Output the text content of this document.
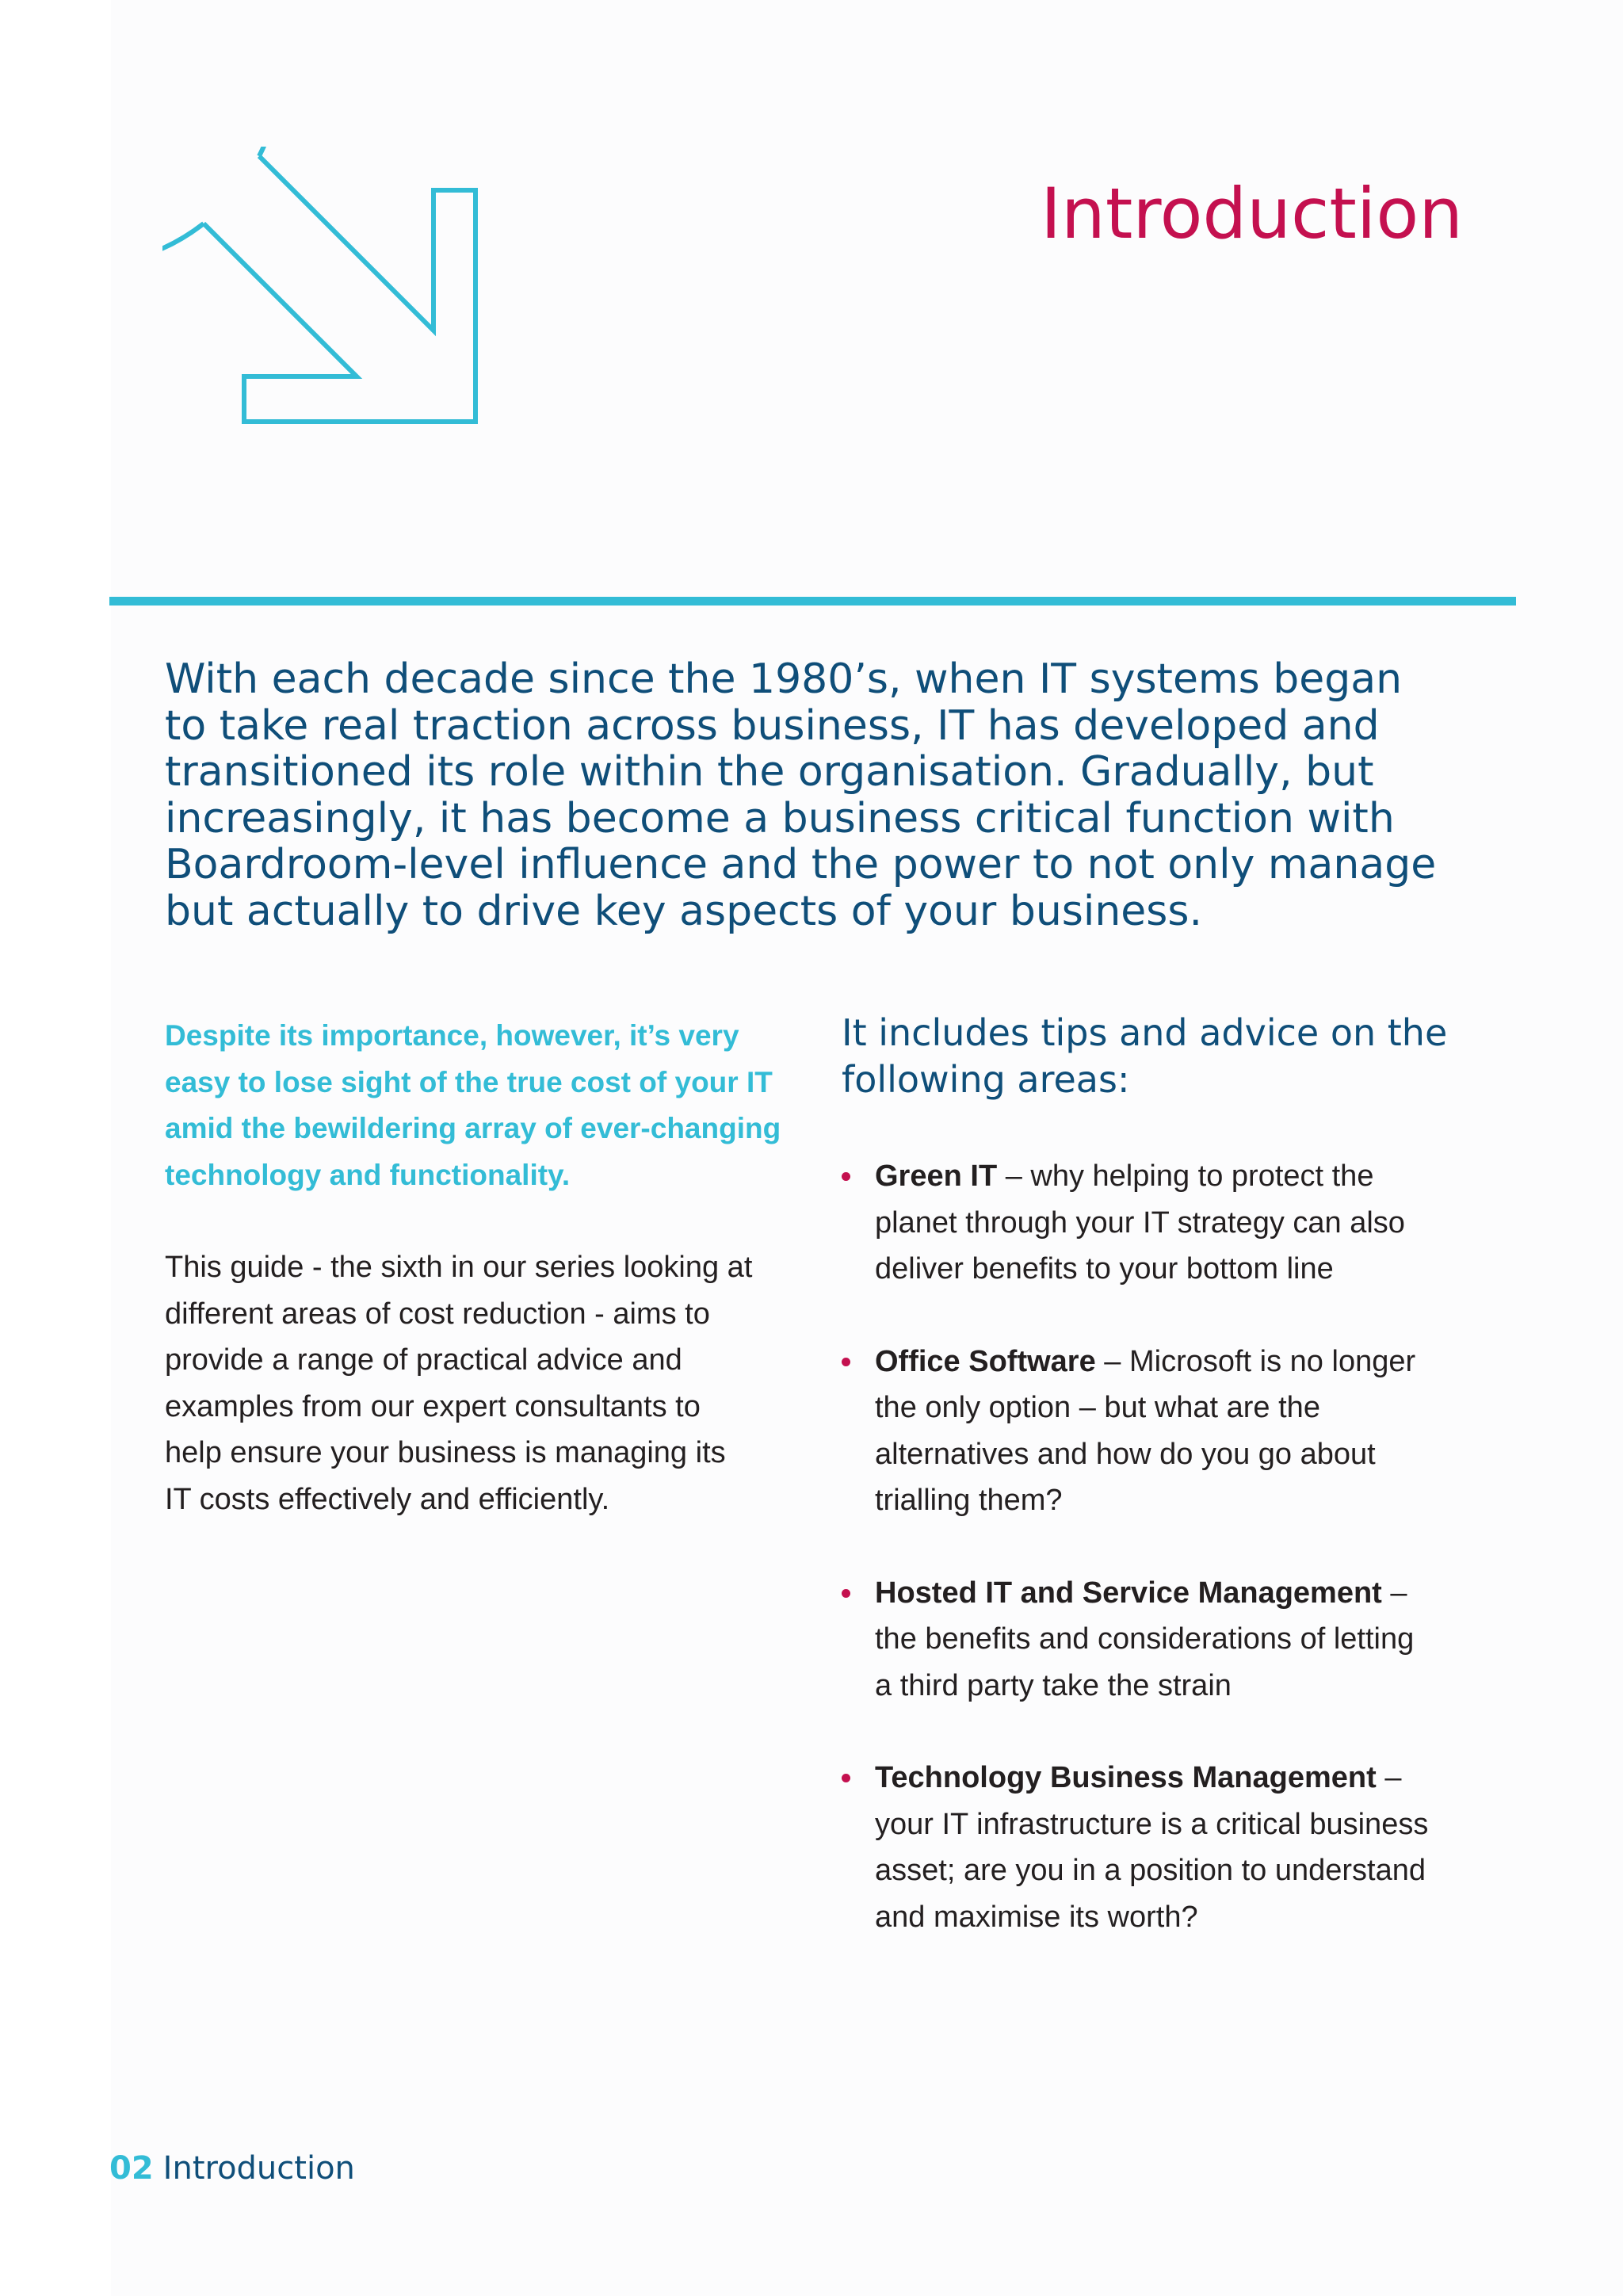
Introduction

With each decade since the 1980’s, when IT systems began
to take real traction across business, IT has developed and
transitioned its role within the organisation. Gradually, but
increasingly, it has become a business critical function with
Boardroom-level influence and the power to not only manage
but actually to drive key aspects of your business.

Despite its importance, however, it’s very
easy to lose sight of the true cost of your IT
amid the bewildering array of ever-changing
technology and functionality.

This guide - the sixth in our series looking at
different areas of cost reduction - aims to
provide a range of practical advice and
examples from our expert consultants to
help ensure your business is managing its
IT costs effectively and efficiently.

It includes tips and advice on the
following areas:

Green IT – why helping to protect the
planet through your IT strategy can also
deliver benefits to your bottom line
Office Software – Microsoft is no longer
the only option – but what are the
alternatives and how do you go about
trialling them?
Hosted IT and Service Management –
the benefits and considerations of letting
a third party take the strain
Technology Business Management –
your IT infrastructure is a critical business
asset; are you in a position to understand
and maximise its worth?
02 Introduction
